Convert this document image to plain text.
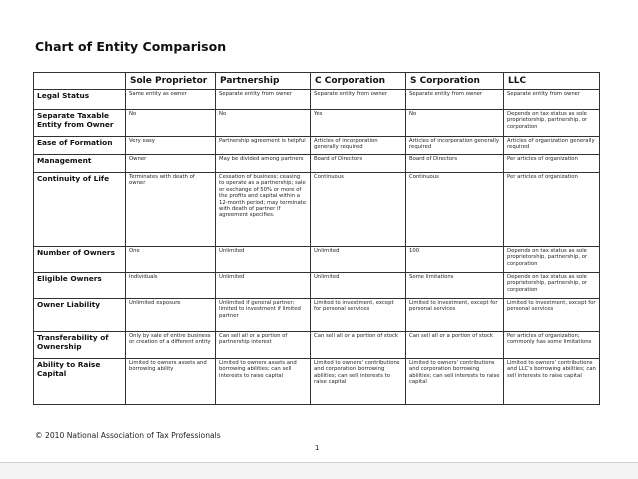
Chart of Entity Comparison
	Sole Proprietor	Partnership	C Corporation	S Corporation	LLC
Legal Status	Same entity as owner	Separate entity from owner	Separate entity from owner	Separate entity from owner	Separate entity from owner
Separate Taxable Entity from Owner	No	No	Yes	No	Depends on tax status as sole proprietorship, partnership, or corporation
Ease of Formation	Very easy	Partnership agreement is helpful	Articles of incorporation generally required	Articles of incorporation generally required	Articles of organization generally required
Management	Owner	May be divided among partners	Board of Directors	Board of Directors	Per articles of organization
Continuity of Life	Terminates with death of owner	Cessation of business; ceasing to operate as a partnership; sale or exchange of 50% or more of the profits and capital within a 12-month period; may terminate with death of partner if agreement specifies.	Continuous	Continuous	Per articles of organization
Number of Owners	One	Unlimited	Unlimited	100	Depends on tax status as sole proprietorship, partnership, or corporation
Eligible Owners	Individuals	Unlimited	Unlimited	Some limitations	Depends on tax status as sole proprietorship, partnership, or corporation
Owner Liability	Unlimited exposure	Unlimited if general partner; limited to investment if limited partner	Limited to investment, except for personal services	Limited to investment, except for personal services	Limited to investment, except for personal services
Transferability of Ownership	Only by sale of entire business or creation of a different entity	Can sell all or a portion of partnership interest	Can sell all or a portion of stock	Can sell all or a portion of stock	Per articles of organization; commonly has some limitations
Ability to Raise Capital	Limited to owners assets and borrowing ability	Limited to owners assets and borrowing abilities; can sell interests to raise capital	Limited to owners' contributions and corporation borrowing abilities; can sell interests to raise capital	Limited to owners' contributions and corporation borrowing abilities; can sell interests to raise capital	Limited to owners' contributions and LLC's borrowing abilities; can sell interests to raise capital
© 2010 National Association of Tax Professionals
1
